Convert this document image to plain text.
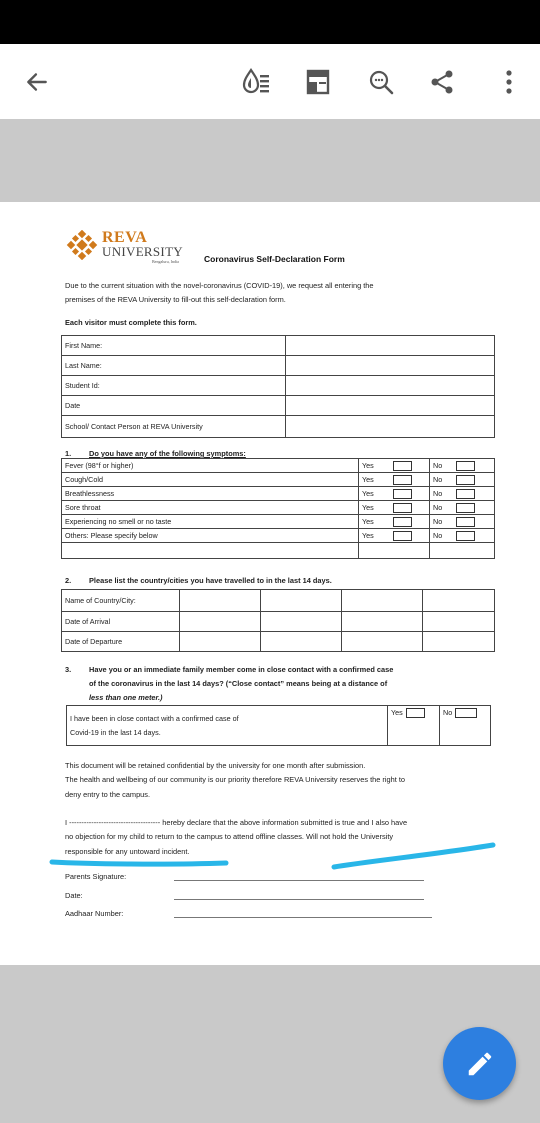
REVA
UNIVERSITY
Bengaluru, India	Coronavirus Self-Declaration Form
Due to the current situation with the novel-coronavirus (COVID-19), we request all entering the
premises of the REVA University to fill-out this self-declaration form.
Each visitor must complete this form.
First Name:	
Last Name:	
Student Id:	
Date	
School/ Contact Person at REVA University	
1. Do you have any of the following symptoms:
Fever (98°f or higher)	Yes	No
Cough/Cold	Yes	No
Breathlessness	Yes	No
Sore throat	Yes	No
Experiencing no smell or no taste	Yes	No
Others: Please specify below	Yes	No

2. Please list the country/cities you have travelled to in the last 14 days.
Name of Country/City:				
Date of Arrival				
Date of Departure				
3. Have you or an immediate family member come in close contact with a confirmed case
of the coronavirus in the last 14 days? (“Close contact” means being at a distance of
less than one meter.)
I have been in close contact with a confirmed case of
Covid-19 in the last 14 days.	Yes	No
This document will be retained confidential by the university for one month after submission.
The health and wellbeing of our community is our priority therefore REVA University reserves the right to
deny entry to the campus.
I ------------------------------------- hereby declare that the above information submitted is true and I also have
no objection for my child to return to the campus to attend offline classes. Will not hold the University
responsible for any untoward incident.
Parents Signature:
Date:
Aadhaar Number:
